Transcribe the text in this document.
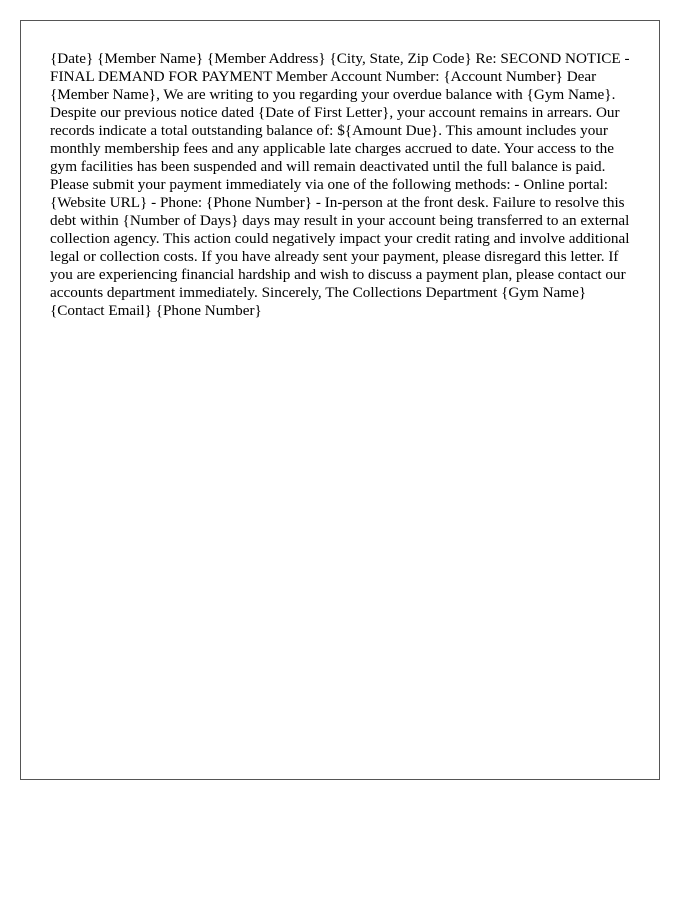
{Date} {Member Name} {Member Address} {City, State, Zip Code} Re: SECOND NOTICE - FINAL DEMAND FOR PAYMENT Member Account Number: {Account Number} Dear {Member Name}, We are writing to you regarding your overdue balance with {Gym Name}. Despite our previous notice dated {Date of First Letter}, your account remains in arrears. Our records indicate a total outstanding balance of: ${Amount Due}. This amount includes your monthly membership fees and any applicable late charges accrued to date. Your access to the gym facilities has been suspended and will remain deactivated until the full balance is paid. Please submit your payment immediately via one of the following methods: - Online portal: {Website URL} - Phone: {Phone Number} - In-person at the front desk. Failure to resolve this debt within {Number of Days} days may result in your account being transferred to an external collection agency. This action could negatively impact your credit rating and involve additional legal or collection costs. If you have already sent your payment, please disregard this letter. If you are experiencing financial hardship and wish to discuss a payment plan, please contact our accounts department immediately. Sincerely, The Collections Department {Gym Name} {Contact Email} {Phone Number}
